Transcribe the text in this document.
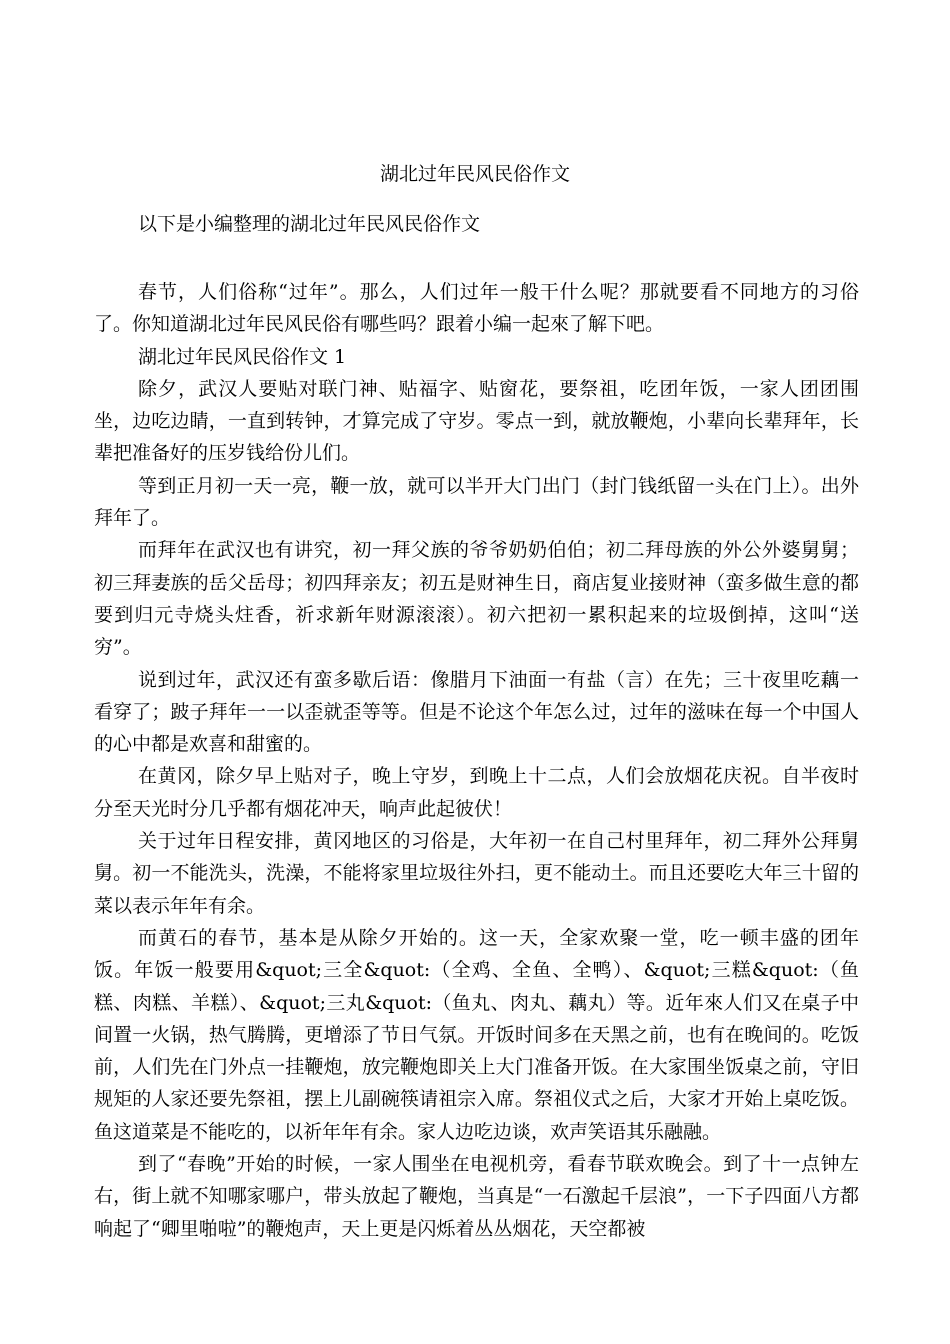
湖北过年民风民俗作文
以下是小编整理的湖北过年民风民俗作文

春节，人们俗称“过年”。那么，人们过年一般干什么呢？那就要看不同地方的习俗了。你知道湖北过年民风民俗有哪些吗？跟着小编一起來了解下吧。

湖北过年民风民俗作文 1

除夕，武汉人要贴对联门神、贴福字、贴窗花，要祭祖，吃团年饭，一家人团团围坐，边吃边睛，一直到转钟，才算完成了守岁。零点一到，就放鞭炮，小辈向长辈拜年，长辈把准备好的压岁钱给份儿们。

等到正月初一天一亮，鞭一放，就可以半开大门出门（封门钱纸留一头在门上）。出外拜年了。

而拜年在武汉也有讲究，初一拜父族的爷爷奶奶伯伯；初二拜母族的外公外婆舅舅；初三拜妻族的岳父岳母；初四拜亲友；初五是财神生日，商店复业接财神（蛮多做生意的都要到归元寺烧头炷香，祈求新年财源滚滚）。初六把初一累积起来的垃圾倒掉，这叫“送穷”。

说到过年，武汉还有蛮多歇后语：像腊月下油面一有盐（言）在先；三十夜里吃藕一看穿了；跛子拜年一一以歪就歪等等。但是不论这个年怎么过，过年的滋味在每一个中国人的心中都是欢喜和甜蜜的。

在黄冈，除夕早上贴对子，晚上守岁，到晚上十二点，人们会放烟花庆祝。自半夜时分至天光时分几乎都有烟花冲天，响声此起彼伏！

关于过年日程安排，黄冈地区的习俗是，大年初一在自己村里拜年，初二拜外公拜舅舅。初一不能洗头，洗澡，不能将家里垃圾往外扫，更不能动土。而且还要吃大年三十留的菜以表示年年有余。

而黄石的春节，基本是从除夕开始的。这一天，全家欢聚一堂，吃一顿丰盛的团年饭。年饭一般要用&quot;三全&quot:（全鸡、全鱼、全鸭）、&quot;三糕&quot:（鱼糕、肉糕、羊糕）、&quot;三丸&quot:（鱼丸、肉丸、藕丸）等。近年來人们又在桌子中间置一火锅，热气腾腾，更增添了节日气氛。开饭时间多在天黑之前，也有在晚间的。吃饭前，人们先在门外点一挂鞭炮，放完鞭炮即关上大门准备开饭。在大家围坐饭桌之前，守旧规矩的人家还要先祭祖，摆上儿副碗筷请祖宗入席。祭祖仪式之后，大家才开始上桌吃饭。鱼这道菜是不能吃的，以祈年年有余。家人边吃边谈，欢声笑语其乐融融。

到了“春晚”开始的时候，一家人围坐在电视机旁，看春节联欢晚会。到了十一点钟左右，街上就不知哪家哪户，带头放起了鞭炮，当真是“一石激起千层浪”，一下子四面八方都响起了“卿里啪啦”的鞭炮声，天上更是闪烁着丛丛烟花，天空都被
